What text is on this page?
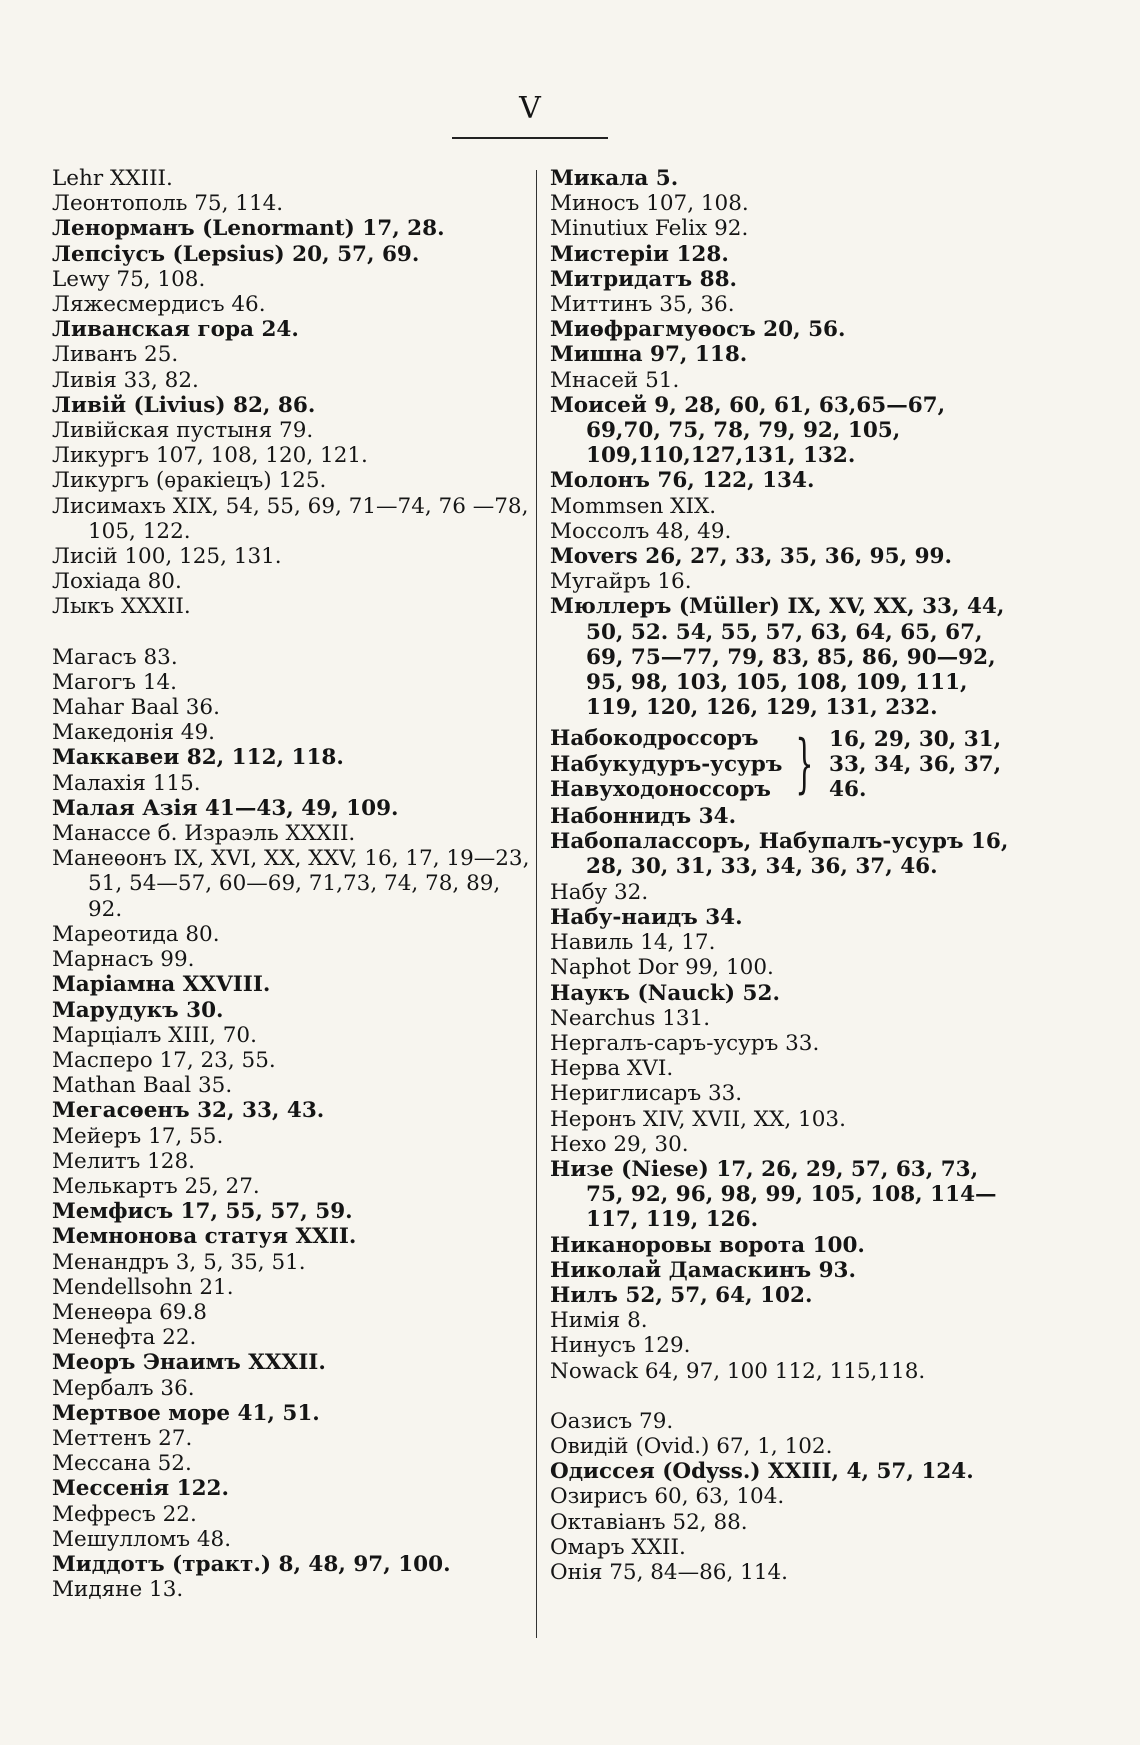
V
Lehr XXIII.
Леонтополь 75, 114.
Ленорманъ (Lenormant) 17, 28.
Лепсіусъ (Lepsius) 20, 57, 69.
Lewy 75, 108.
Ляжесмердисъ 46.
Ливанская гора 24.
Ливанъ 25.
Ливія 33, 82.
Ливій (Livius) 82, 86.
Ливійская пустыня 79.
Ликургъ 107, 108, 120, 121.
Ликургъ (ѳракіецъ) 125.
Лисимахъ XIX, 54, 55, 69, 71—74, 76 —78, 105, 122.
Лисій 100, 125, 131.
Лохіада 80.
Лыкъ XXXII.
Магасъ 83.
Магогъ 14.
Mahar Baal 36.
Македонія 49.
Маккавеи 82, 112, 118.
Малахія 115.
Малая Азія 41—43, 49, 109.
Манассе б. Израэль XXXII.
Манеѳонъ IX, XVI, XX, XXV, 16, 17, 19—23, 51, 54—57, 60—69, 71,73, 74, 78, 89, 92.
Мареотида 80.
Марнасъ 99.
Маріамна XXVIII.
Марудукъ 30.
Марціалъ XIII, 70.
Масперо 17, 23, 55.
Mathan Baal 35.
Мегасѳенъ 32, 33, 43.
Мейеръ 17, 55.
Мелитъ 128.
Мелькартъ 25, 27.
Мемфисъ 17, 55, 57, 59.
Мемнонова статуя XXII.
Менандръ 3, 5, 35, 51.
Mendellsohn 21.
Менеѳра 69.8
Менефта 22.
Меоръ Энаимъ XXXII.
Мербалъ 36.
Мертвое море 41, 51.
Меттенъ 27.
Мессана 52.
Мессенія 122.
Мефресъ 22.
Мешулломъ 48.
Миддотъ (тракт.) 8, 48, 97, 100.
Мидяне 13.
Микала 5.
Миносъ 107, 108.
Minutiux Felix 92.
Мистеріи 128.
Митридатъ 88.
Миттинъ 35, 36.
Миѳфрагмуѳосъ 20, 56.
Мишна 97, 118.
Мнасей 51.
Моисей 9, 28, 60, 61, 63,65—67, 69,70, 75, 78, 79, 92, 105, 109,110,127,131, 132.
Молонъ 76, 122, 134.
Mommsen XIX.
Моссолъ 48, 49.
Movers 26, 27, 33, 35, 36, 95, 99.
Мугайръ 16.
Мюллеръ (Müller) IX, XV, XX, 33, 44, 50, 52. 54, 55, 57, 63, 64, 65, 67, 69, 75—77, 79, 83, 85, 86, 90—92, 95, 98, 103, 105, 108, 109, 111, 119, 120, 126, 129, 131, 232.
Набокодроссоръ
Набукудуръ-усуръ
Навуходоноссоръ } 16, 29, 30, 31, 33, 34, 36, 37, 46.
Набоннидъ 34.
Набопалассоръ, Набупалъ-усуръ 16, 28, 30, 31, 33, 34, 36, 37, 46.
Набу 32.
Набу-наидъ 34.
Навиль 14, 17.
Naphot Dor 99, 100.
Наукъ (Nauck) 52.
Nearchus 131.
Нергалъ-саръ-усуръ 33.
Нерва XVI.
Нериглисаръ 33.
Неронъ XIV, XVII, XX, 103.
Нехо 29, 30.
Низе (Niese) 17, 26, 29, 57, 63, 73, 75, 92, 96, 98, 99, 105, 108, 114—117, 119, 126.
Никаноровы ворота 100.
Николай Дамаскинъ 93.
Нилъ 52, 57, 64, 102.
Нимія 8.
Нинусъ 129.
Nowack 64, 97, 100 112, 115,118.
Оазисъ 79.
Овидій (Ovid.) 67, 1, 102.
Одиссея (Odyss.) XXIII, 4, 57, 124.
Озирисъ 60, 63, 104.
Октавіанъ 52, 88.
Омаръ XXII.
Онія 75, 84—86, 114.
